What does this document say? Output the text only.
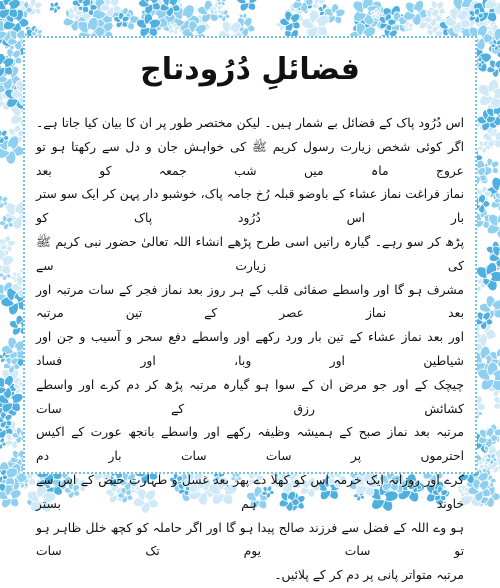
فضائلِ دُرُودتاج
اس دُرُود پاک کے فضائل بے شمار ہیں۔ لیکن مختصر طور پر ان کا بیان کیا جاتا ہے۔
اگر کوئی شخص زیارت رسول کریم ﷺ کی خواہش جان و دل سے رکھتا ہو تو عروج ماہ میں شب جمعہ کو بعد
نماز فراغت نماز عشاء کے باوضو قبلہ رُخ جامہ پاک، خوشبو دار پہن کر ایک سو ستر بار اس دُرُود پاک کو
پڑھ کر سو رہے۔ گیارہ راتیں اسی طرح پڑھے انشاء اللہ تعالیٰ حضور نبی کریم ﷺ کی زیارت سے
مشرف ہو گا اور واسطے صفائی قلب کے ہر روز بعد نماز فجر کے سات مرتبہ اور بعد نماز عصر کے تین مرتبہ
اور بعد نماز عشاء کے تین بار ورد رکھے اور واسطے دفع سحر و آسیب و جن اور شیاطین اور وبا، اور فساد
چیچک کے اور جو مرض ان کے سوا ہو گیارہ مرتبہ پڑھ کر دم کرے اور واسطے کشائش رزق کے سات
مرتبہ بعد نماز صبح کے ہمیشہ وظیفہ رکھے اور واسطے بانجھ عورت کے اکیس احترموں پر سات سات بار دم
کرے اور روزانہ ایک خرمہ اس کو کھلا دے پھر بعد غسل و طہارت حیض کے اس سے خاوند ہم بستر
ہو وے اللہ کے فضل سے فرزند صالح پیدا ہو گا اور اگر حاملہ کو کچھ خلل ظاہر ہو تو سات یوم تک سات
مرتبہ متواتر پانی پر دم کر کے پلائیں۔
